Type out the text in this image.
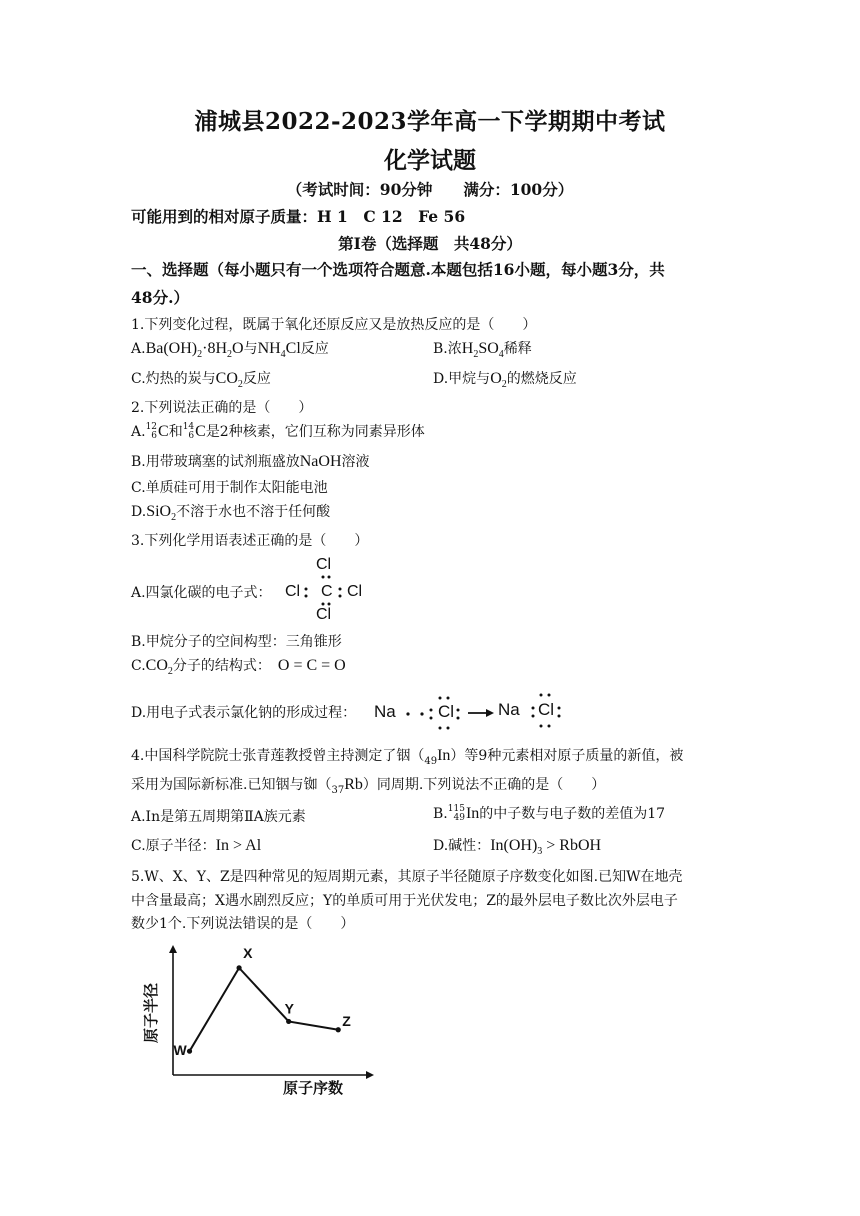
浦城县2022-2023学年高一下学期期中考试
化学试题
（考试时间：90分钟　　满分：100分）
可能用到的相对原子质量：H 1　C 12　Fe 56
第Ⅰ卷（选择题　共48分）
一、选择题（每小题只有一个选项符合题意.本题包括16小题，每小题3分，共
48分.）
1.下列变化过程，既属于氧化还原反应又是放热反应的是（　　）
$A.Ba(OH)_2\cdot 8H_2O$与$NH_4Cl$反应	B.浓$H_2SO_4$稀释
C.灼热的炭与$CO_2$反应	D.甲烷与$O_2$的燃烧反应
2.下列说法正确的是（　　）
A.12
6C和14
6C是2种核素，它们互称为同素异形体
B.用带玻璃塞的试剂瓶盛放NaOH溶液
C.单质硅可用于制作太阳能电池
D.SiO$_2$不溶于水也不溶于任何酸
3.下列化学用语表述正确的是（　　）
A.四氯化碳的电子式：
Cl
Cl C Cl
Cl
B.甲烷分子的空间构型：三角锥形
$C.CO_2$分子的结构式：　 O = C = O
D.用电子式表示氯化钠的形成过程： Na Cl	Na Cl
4.中国科学院院士张青莲教授曾主持测定了铟$(_{49}In)$等9种元素相对原子质量的新值，被
采用为国际新标准.已知铟与铷$(_{37}Rb)$同周期.下列说法不正确的是（　　）
A.In是第五周期第ⅡA族元素	B.115
49In的中子数与电子数的差值为17
C.原子半径：In > Al	D.碱性：$In(OH)_3$ > RbOH
5.W、X、Y、Z是四种常见的短周期元素，其原子半径随原子序数变化如图.已知W在地壳
中含量最高；X遇水剧烈反应；Y的单质可用于光伏发电；Z的最外层电子数比次外层电子
数少1个.下列说法错误的是（　　）
原子半径
原子序数
W
X
Y
Z
